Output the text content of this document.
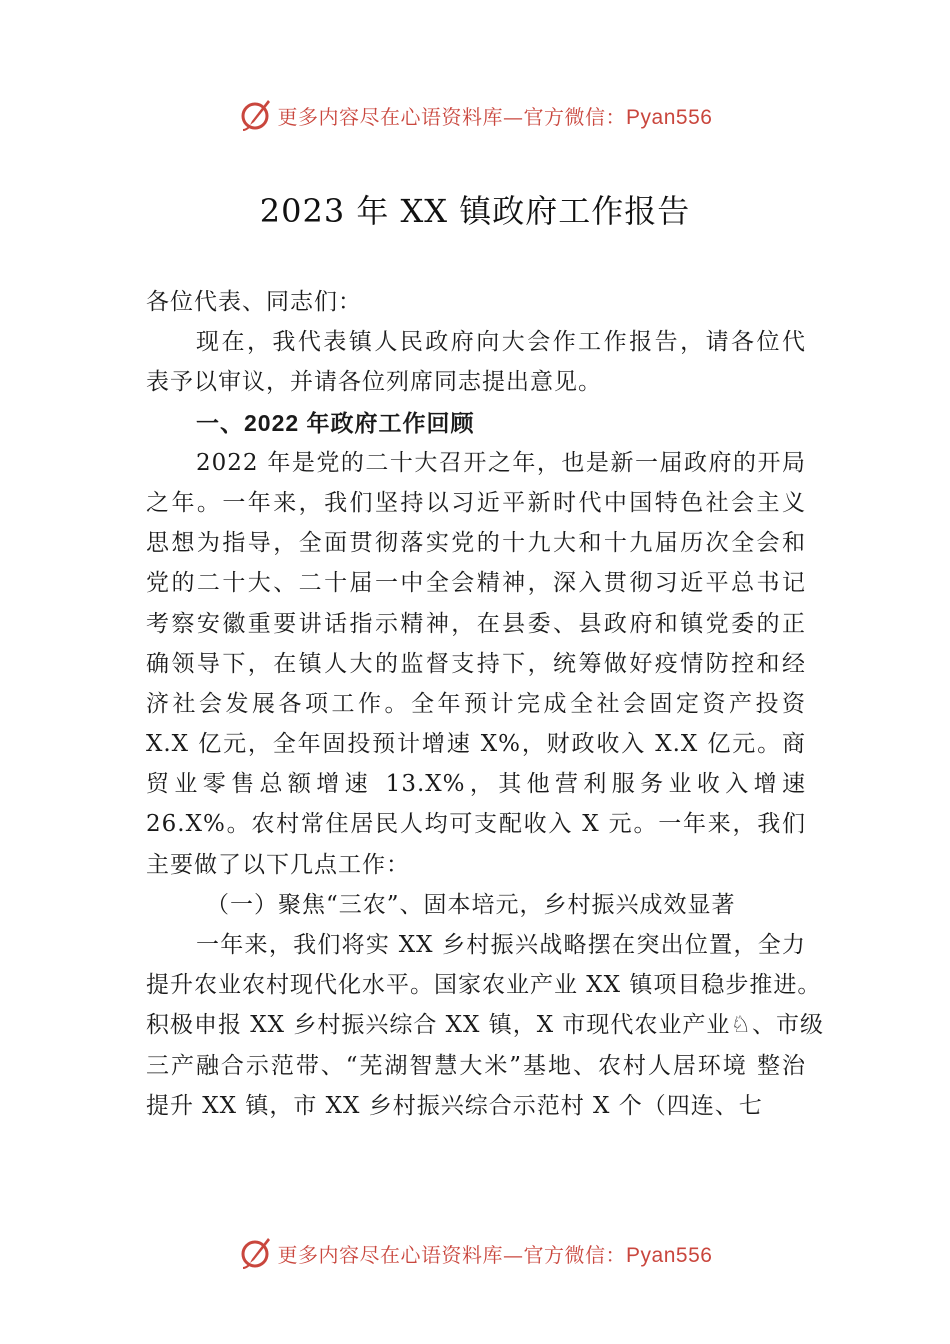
更多内容尽在心语资料库—官方微信：Pyan556
2023 年 XX 镇政府工作报告
各位代表、同志们：
现在，我代表镇人民政府向大会作工作报告，请各位代
表予以审议，并请各位列席同志提出意见。
一、2022 年政府工作回顾
2022 年是党的二十大召开之年，也是新一届政府的开局
之年。一年来，我们坚持以习近平新时代中国特色社会主义
思想为指导，全面贯彻落实党的十九大和十九届历次全会和
党的二十大、二十届一中全会精神，深入贯彻习近平总书记
考察安徽重要讲话指示精神，在县委、县政府和镇党委的正
确领导下，在镇人大的监督支持下，统筹做好疫情防控和经
济社会发展各项工作。全年预计完成全社会固定资产投资
X.X 亿元，全年固投预计增速 X%，财政收入 X.X 亿元。商
贸业零售总额增速 13.X%，其他营利服务业收入增速
26.X%。农村常住居民人均可支配收入 X 元。一年来，我们
主要做了以下几点工作：
（一）聚焦“三农”、固本培元，乡村振兴成效显著
一年来，我们将实 XX 乡村振兴战略摆在突出位置，全力
提升农业农村现代化水平。国家农业产业 XX 镇项目稳步推进。
积极申报 XX 乡村振兴综合 XX 镇，X 市现代农业产业♘、市级
三产融合示范带、“芜湖智慧大米”基地、农村人居环境 整治
提升 XX 镇，市 XX 乡村振兴综合示范村 X 个（四连、七
更多内容尽在心语资料库—官方微信：Pyan556
